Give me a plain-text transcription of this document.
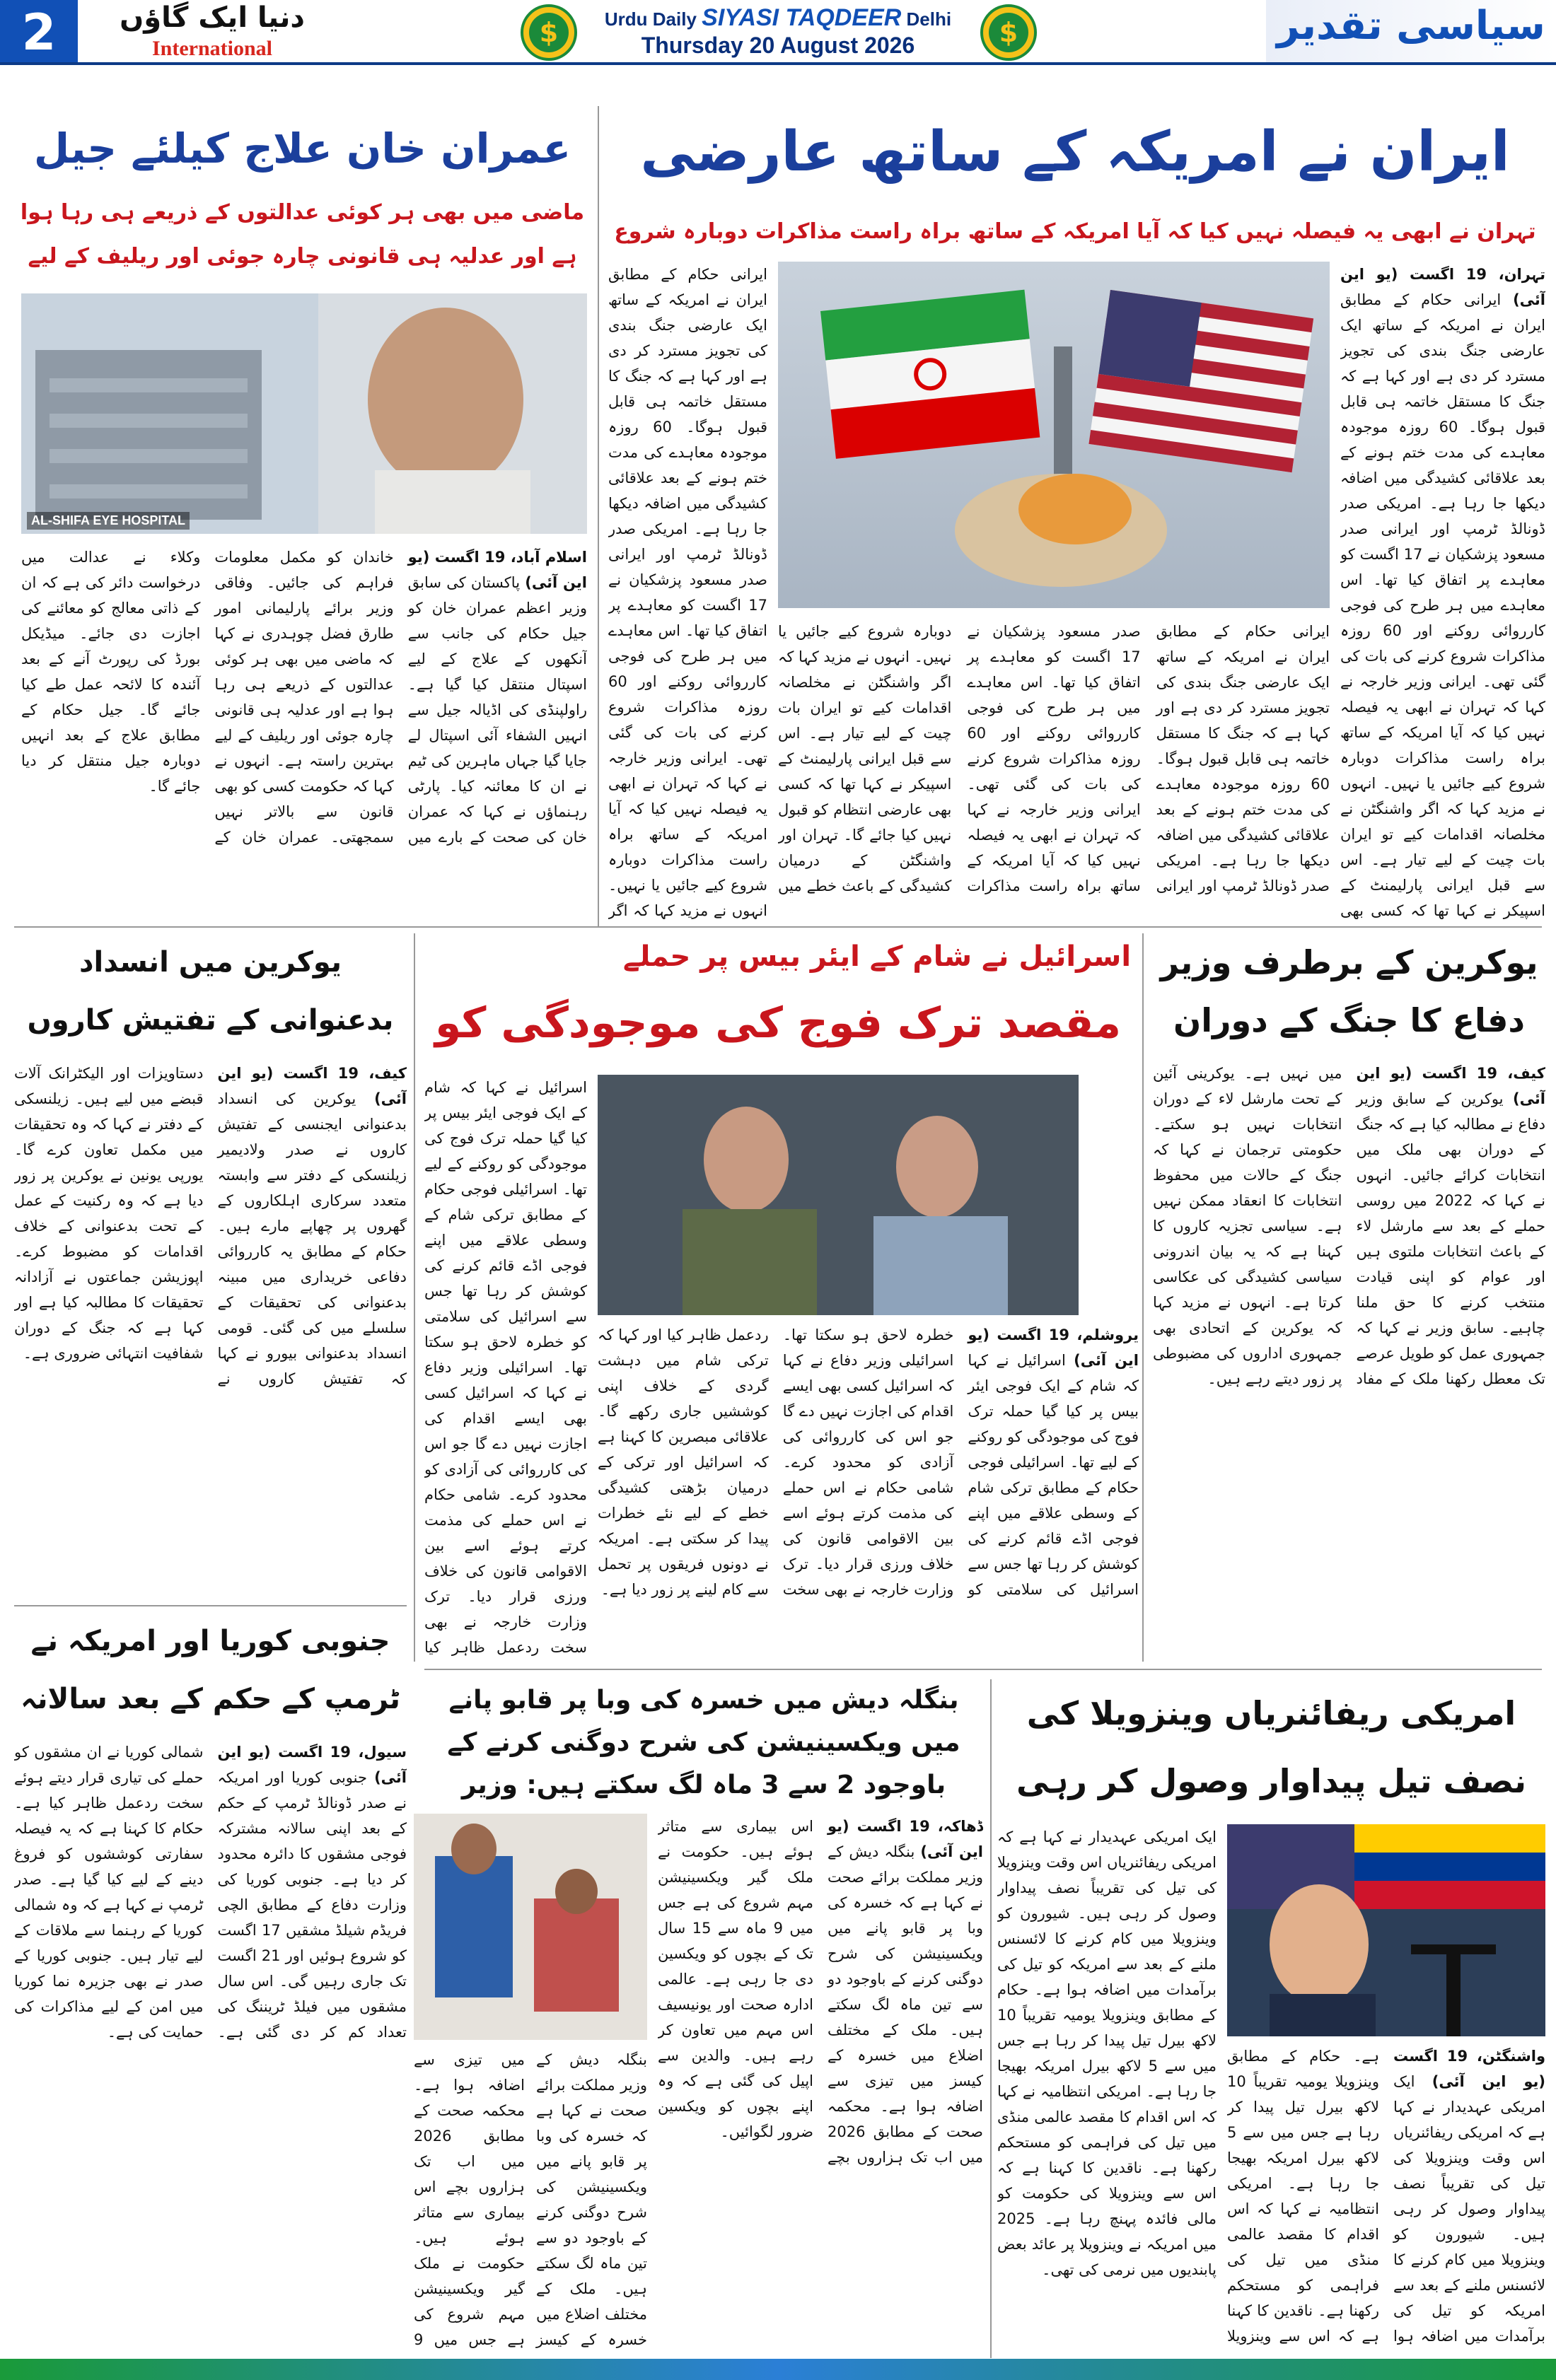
2	دنیا ایک گاؤں
International
$	Urdu Daily SIYASI TAQDEER Delhi
Thursday 20 August 2026	$	سیاسی تقدیر
ایران نے امریکہ کے ساتھ عارضی
تہران نے ابھی یہ فیصلہ نہیں کیا کہ آیا امریکہ کے ساتھ براہ راست مذاکرات دوبارہ شروع
تہران، 19 اگست (یو این آئی) ایرانی حکام کے مطابق ایران نے امریکہ کے ساتھ ایک عارضی جنگ بندی کی تجویز مسترد کر دی ہے اور کہا ہے کہ جنگ کا مستقل خاتمہ ہی قابل قبول ہوگا۔ 60 روزہ موجودہ معاہدے کی مدت ختم ہونے کے بعد علاقائی کشیدگی میں اضافہ دیکھا جا رہا ہے۔ امریکی صدر ڈونالڈ ٹرمپ اور ایرانی صدر مسعود پزشکیان نے 17 اگست کو معاہدے پر اتفاق کیا تھا۔ اس معاہدے میں ہر طرح کی فوجی کارروائی روکنے اور 60 روزہ مذاکرات شروع کرنے کی بات کی گئی تھی۔ ایرانی وزیر خارجہ نے کہا کہ تہران نے ابھی یہ فیصلہ نہیں کیا کہ آیا امریکہ کے ساتھ براہ راست مذاکرات دوبارہ شروع کیے جائیں یا نہیں۔ انہوں نے مزید کہا کہ اگر واشنگٹن نے مخلصانہ اقدامات کیے تو ایران بات چیت کے لیے تیار ہے۔ اس سے قبل ایرانی پارلیمنٹ کے اسپیکر نے کہا تھا کہ کسی بھی
ایرانی حکام کے مطابق ایران نے امریکہ کے ساتھ ایک عارضی جنگ بندی کی تجویز مسترد کر دی ہے اور کہا ہے کہ جنگ کا مستقل خاتمہ ہی قابل قبول ہوگا۔ 60 روزہ موجودہ معاہدے کی مدت ختم ہونے کے بعد علاقائی کشیدگی میں اضافہ دیکھا جا رہا ہے۔ امریکی صدر ڈونالڈ ٹرمپ اور ایرانی صدر مسعود پزشکیان نے 17 اگست کو معاہدے پر اتفاق کیا تھا۔ اس معاہدے میں ہر طرح کی فوجی کارروائی روکنے اور 60 روزہ مذاکرات شروع کرنے کی بات کی گئی تھی۔ ایرانی وزیر خارجہ نے کہا کہ تہران نے ابھی یہ فیصلہ نہیں کیا کہ آیا امریکہ کے ساتھ براہ راست مذاکرات دوبارہ شروع کیے جائیں یا نہیں۔ انہوں نے مزید کہا کہ اگر واشنگٹن نے مخلصانہ اقدامات کیے تو ایران بات چیت کے لیے تیار ہے۔ اس سے قبل ایرانی پارلیمنٹ کے اسپیکر نے کہا تھا کہ کسی بھی عارضی انتظام کو قبول نہیں کیا جائے گا۔ تہران اور واشنگٹن کے درمیان کشیدگی کے باعث خطے میں
ایرانی حکام کے مطابق ایران نے امریکہ کے ساتھ ایک عارضی جنگ بندی کی تجویز مسترد کر دی ہے اور کہا ہے کہ جنگ کا مستقل خاتمہ ہی قابل قبول ہوگا۔ 60 روزہ موجودہ معاہدے کی مدت ختم ہونے کے بعد علاقائی کشیدگی میں اضافہ دیکھا جا رہا ہے۔ امریکی صدر ڈونالڈ ٹرمپ اور ایرانی صدر مسعود پزشکیان نے 17 اگست کو معاہدے پر اتفاق کیا تھا۔ اس معاہدے میں ہر طرح کی فوجی کارروائی روکنے اور 60 روزہ مذاکرات شروع کرنے کی بات کی گئی تھی۔ ایرانی وزیر خارجہ نے کہا کہ تہران نے ابھی یہ فیصلہ نہیں کیا کہ آیا امریکہ کے ساتھ براہ راست مذاکرات دوبارہ شروع کیے جائیں یا نہیں۔ انہوں نے مزید کہا کہ اگر
عمران خان علاج کیلئے جیل
ماضی میں بھی ہر کوئی عدالتوں کے ذریعے ہی رہا ہوا ہے اور عدلیہ ہی قانونی چارہ جوئی اور ریلیف کے لیے
AL-SHIFA EYE HOSPITAL
اسلام آباد، 19 اگست (یو این آئی) پاکستان کی سابق وزیر اعظم عمران خان کو جیل حکام کی جانب سے آنکھوں کے علاج کے لیے اسپتال منتقل کیا گیا ہے۔ راولپنڈی کی اڈیالہ جیل سے انہیں الشفاء آئی اسپتال لے جایا گیا جہاں ماہرین کی ٹیم نے ان کا معائنہ کیا۔ پارٹی رہنماؤں نے کہا کہ عمران خان کی صحت کے بارے میں خاندان کو مکمل معلومات فراہم کی جائیں۔ وفاقی وزیر برائے پارلیمانی امور طارق فضل چوہدری نے کہا کہ ماضی میں بھی ہر کوئی عدالتوں کے ذریعے ہی رہا ہوا ہے اور عدلیہ ہی قانونی چارہ جوئی اور ریلیف کے لیے بہترین راستہ ہے۔ انہوں نے کہا کہ حکومت کسی کو بھی قانون سے بالاتر نہیں سمجھتی۔ عمران خان کے وکلاء نے عدالت میں درخواست دائر کی ہے کہ ان کے ذاتی معالج کو معائنے کی اجازت دی جائے۔ میڈیکل بورڈ کی رپورٹ آنے کے بعد آئندہ کا لائحہ عمل طے کیا جائے گا۔ جیل حکام کے مطابق علاج کے بعد انہیں دوبارہ جیل منتقل کر دیا جائے گا۔
یوکرین کے برطرف وزیر دفاع کا جنگ کے دوران
کیف، 19 اگست (یو این آئی) یوکرین کے سابق وزیر دفاع نے مطالبہ کیا ہے کہ جنگ کے دوران بھی ملک میں انتخابات کرائے جائیں۔ انہوں نے کہا کہ 2022 میں روسی حملے کے بعد سے مارشل لاء کے باعث انتخابات ملتوی ہیں اور عوام کو اپنی قیادت منتخب کرنے کا حق ملنا چاہیے۔ سابق وزیر نے کہا کہ جمہوری عمل کو طویل عرصے تک معطل رکھنا ملک کے مفاد میں نہیں ہے۔ یوکرینی آئین کے تحت مارشل لاء کے دوران انتخابات نہیں ہو سکتے۔ حکومتی ترجمان نے کہا کہ جنگ کے حالات میں محفوظ انتخابات کا انعقاد ممکن نہیں ہے۔ سیاسی تجزیہ کاروں کا کہنا ہے کہ یہ بیان اندرونی سیاسی کشیدگی کی عکاسی کرتا ہے۔ انہوں نے مزید کہا کہ یوکرین کے اتحادی بھی جمہوری اداروں کی مضبوطی پر زور دیتے رہے ہیں۔
اسرائیل نے شام کے ایئر بیس پر حملے
مقصد ترک فوج کی موجودگی کو
یروشلم، 19 اگست (یو این آئی) اسرائیل نے کہا کہ شام کے ایک فوجی ایئر بیس پر کیا گیا حملہ ترک فوج کی موجودگی کو روکنے کے لیے تھا۔ اسرائیلی فوجی حکام کے مطابق ترکی شام کے وسطی علاقے میں اپنے فوجی اڈے قائم کرنے کی کوشش کر رہا تھا جس سے اسرائیل کی سلامتی کو خطرہ لاحق ہو سکتا تھا۔ اسرائیلی وزیر دفاع نے کہا کہ اسرائیل کسی بھی ایسے اقدام کی اجازت نہیں دے گا جو اس کی کارروائی کی آزادی کو محدود کرے۔ شامی حکام نے اس حملے کی مذمت کرتے ہوئے اسے بین الاقوامی قانون کی خلاف ورزی قرار دیا۔ ترک وزارت خارجہ نے بھی سخت ردعمل ظاہر کیا اور کہا کہ ترکی شام میں دہشت گردی کے خلاف اپنی کوششیں جاری رکھے گا۔ علاقائی مبصرین کا کہنا ہے کہ اسرائیل اور ترکی کے درمیان بڑھتی کشیدگی خطے کے لیے نئے خطرات پیدا کر سکتی ہے۔ امریکہ نے دونوں فریقوں پر تحمل سے کام لینے پر زور دیا ہے۔
اسرائیل نے کہا کہ شام کے ایک فوجی ایئر بیس پر کیا گیا حملہ ترک فوج کی موجودگی کو روکنے کے لیے تھا۔ اسرائیلی فوجی حکام کے مطابق ترکی شام کے وسطی علاقے میں اپنے فوجی اڈے قائم کرنے کی کوشش کر رہا تھا جس سے اسرائیل کی سلامتی کو خطرہ لاحق ہو سکتا تھا۔ اسرائیلی وزیر دفاع نے کہا کہ اسرائیل کسی بھی ایسے اقدام کی اجازت نہیں دے گا جو اس کی کارروائی کی آزادی کو محدود کرے۔ شامی حکام نے اس حملے کی مذمت کرتے ہوئے اسے بین الاقوامی قانون کی خلاف ورزی قرار دیا۔ ترک وزارت خارجہ نے بھی سخت ردعمل ظاہر کیا
یوکرین میں انسداد بدعنوانی کے تفتیش کاروں
کیف، 19 اگست (یو این آئی) یوکرین کی انسداد بدعنوانی ایجنسی کے تفتیش کاروں نے صدر ولادیمیر زیلنسکی کے دفتر سے وابستہ متعدد سرکاری اہلکاروں کے گھروں پر چھاپے مارے ہیں۔ حکام کے مطابق یہ کارروائی دفاعی خریداری میں مبینہ بدعنوانی کی تحقیقات کے سلسلے میں کی گئی۔ قومی انسداد بدعنوانی بیورو نے کہا کہ تفتیش کاروں نے دستاویزات اور الیکٹرانک آلات قبضے میں لیے ہیں۔ زیلنسکی کے دفتر نے کہا کہ وہ تحقیقات میں مکمل تعاون کرے گا۔ یورپی یونین نے یوکرین پر زور دیا ہے کہ وہ رکنیت کے عمل کے تحت بدعنوانی کے خلاف اقدامات کو مضبوط کرے۔ اپوزیشن جماعتوں نے آزادانہ تحقیقات کا مطالبہ کیا ہے اور کہا ہے کہ جنگ کے دوران شفافیت انتہائی ضروری ہے۔
جنوبی کوریا اور امریکہ نے ٹرمپ کے حکم کے بعد سالانہ
سیول، 19 اگست (یو این آئی) جنوبی کوریا اور امریکہ نے صدر ڈونالڈ ٹرمپ کے حکم کے بعد اپنی سالانہ مشترکہ فوجی مشقوں کا دائرہ محدود کر دیا ہے۔ جنوبی کوریا کی وزارت دفاع کے مطابق الچی فریڈم شیلڈ مشقیں 17 اگست کو شروع ہوئیں اور 21 اگست تک جاری رہیں گی۔ اس سال مشقوں میں فیلڈ ٹریننگ کی تعداد کم کر دی گئی ہے۔ شمالی کوریا نے ان مشقوں کو حملے کی تیاری قرار دیتے ہوئے سخت ردعمل ظاہر کیا ہے۔ حکام کا کہنا ہے کہ یہ فیصلہ سفارتی کوششوں کو فروغ دینے کے لیے کیا گیا ہے۔ صدر ٹرمپ نے کہا ہے کہ وہ شمالی کوریا کے رہنما سے ملاقات کے لیے تیار ہیں۔ جنوبی کوریا کے صدر نے بھی جزیرہ نما کوریا میں امن کے لیے مذاکرات کی حمایت کی ہے۔
بنگلہ دیش میں خسرہ کی وبا پر قابو پانے میں ویکسینیشن کی شرح دوگنی کرنے کے باوجود 2 سے 3 ماہ لگ سکتے ہیں: وزیر
ڈھاکہ، 19 اگست (یو این آئی) بنگلہ دیش کے وزیر مملکت برائے صحت نے کہا ہے کہ خسرہ کی وبا پر قابو پانے میں ویکسینیشن کی شرح دوگنی کرنے کے باوجود دو سے تین ماہ لگ سکتے ہیں۔ ملک کے مختلف اضلاع میں خسرہ کے کیسز میں تیزی سے اضافہ ہوا ہے۔ محکمہ صحت کے مطابق 2026 میں اب تک ہزاروں بچے اس بیماری سے متاثر ہوئے ہیں۔ حکومت نے ملک گیر ویکسینیشن مہم شروع کی ہے جس میں 9 ماہ سے 15 سال تک کے بچوں کو ویکسین دی جا رہی ہے۔ عالمی ادارہ صحت اور یونیسیف اس مہم میں تعاون کر رہے ہیں۔ والدین سے اپیل کی گئی ہے کہ وہ اپنے بچوں کو ویکسین ضرور لگوائیں۔
بنگلہ دیش کے وزیر مملکت برائے صحت نے کہا ہے کہ خسرہ کی وبا پر قابو پانے میں ویکسینیشن کی شرح دوگنی کرنے کے باوجود دو سے تین ماہ لگ سکتے ہیں۔ ملک کے مختلف اضلاع میں خسرہ کے کیسز میں تیزی سے اضافہ ہوا ہے۔ محکمہ صحت کے مطابق 2026 میں اب تک ہزاروں بچے اس بیماری سے متاثر ہوئے ہیں۔ حکومت نے ملک گیر ویکسینیشن مہم شروع کی ہے جس میں 9
امریکی ریفائنریاں وینزویلا کی نصف تیل پیداوار وصول کر رہی
ایک امریکی عہدیدار نے کہا ہے کہ امریکی ریفائنریاں اس وقت وینزویلا کی تیل کی تقریباً نصف پیداوار وصول کر رہی ہیں۔ شیورون کو وینزویلا میں کام کرنے کا لائسنس ملنے کے بعد سے امریکہ کو تیل کی برآمدات میں اضافہ ہوا ہے۔ حکام کے مطابق وینزویلا یومیہ تقریباً 10 لاکھ بیرل تیل پیدا کر رہا ہے جس میں سے 5 لاکھ بیرل امریکہ بھیجا جا رہا ہے۔ امریکی انتظامیہ نے کہا کہ اس اقدام کا مقصد عالمی منڈی میں تیل کی فراہمی کو مستحکم رکھنا ہے۔ ناقدین کا کہنا ہے کہ اس سے وینزویلا کی حکومت کو مالی فائدہ پہنچ رہا ہے۔ 2025 میں امریکہ نے وینزویلا پر عائد بعض پابندیوں میں نرمی کی تھی۔
واشنگٹن، 19 اگست (یو این آئی) ایک امریکی عہدیدار نے کہا ہے کہ امریکی ریفائنریاں اس وقت وینزویلا کی تیل کی تقریباً نصف پیداوار وصول کر رہی ہیں۔ شیورون کو وینزویلا میں کام کرنے کا لائسنس ملنے کے بعد سے امریکہ کو تیل کی برآمدات میں اضافہ ہوا ہے۔ حکام کے مطابق وینزویلا یومیہ تقریباً 10 لاکھ بیرل تیل پیدا کر رہا ہے جس میں سے 5 لاکھ بیرل امریکہ بھیجا جا رہا ہے۔ امریکی انتظامیہ نے کہا کہ اس اقدام کا مقصد عالمی منڈی میں تیل کی فراہمی کو مستحکم رکھنا ہے۔ ناقدین کا کہنا ہے کہ اس سے وینزویلا
